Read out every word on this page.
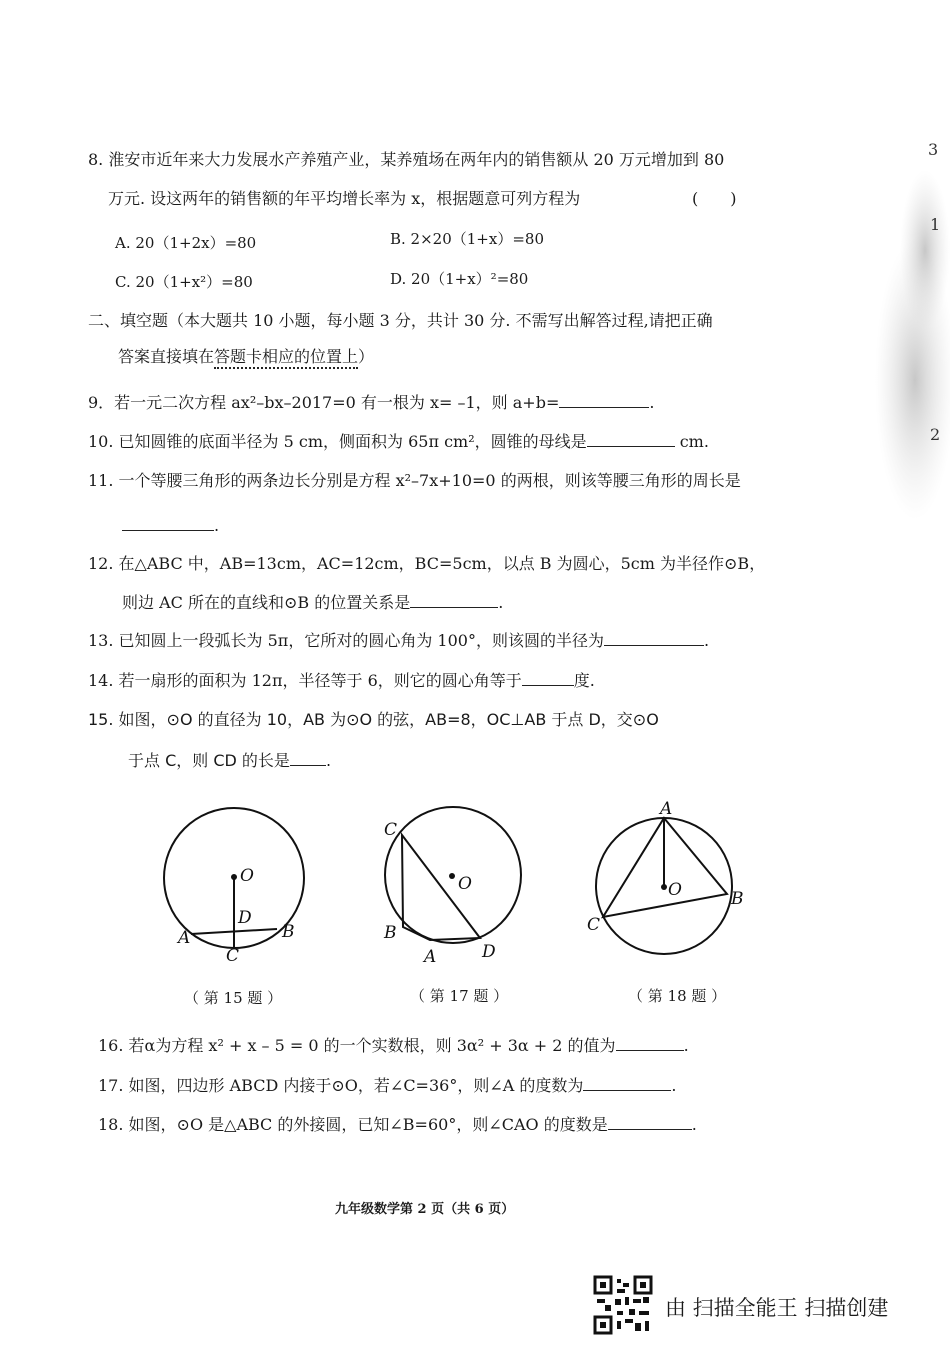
3
1
2
8. 淮安市近年来大力发展水产养殖产业，某养殖场在两年内的销售额从 20 万元增加到 80
万元. 设这两年的销售额的年平均增长率为 x，根据题意可列方程为	(　　)
A. 20（1+2x）=80	B. 2×20（1+x）=80
C. 20（1+x²）=80	D. 20（1+x）²=80
二、填空题（本大题共 10 小题，每小题 3 分，共计 30 分. 不需写出解答过程,请把正确
答案直接填在答题卡相应的位置上）
9．若一元二次方程 ax²–bx–2017=0 有一根为 x= –1，则 a+b=	.
10. 已知圆锥的底面半径为 5 cm，侧面积为 65π cm²，圆锥的母线是	cm.
11. 一个等腰三角形的两条边长分别是方程 x²–7x+10=0 的两根，则该等腰三角形的周长是
.
12. 在△ABC 中，AB=13cm，AC=12cm，BC=5cm，以点 B 为圆心，5cm 为半径作⊙B，
则边 AC 所在的直线和⊙B 的位置关系是	.
13. 已知圆上一段弧长为 5π，它所对的圆心角为 100°，则该圆的半径为	.
14. 若一扇形的面积为 12π，半径等于 6，则它的圆心角等于	度.
15. 如图，⊙O 的直径为 10，AB 为⊙O 的弦，AB=8，OC⊥AB 于点 D，交⊙O
于点 C，则 CD 的长是 .
O
D
A	B
C
C
O
B
A	D
A
O	B
C
（ 第 15 题 ）	（ 第 17 题 ）	（ 第 18 题 ）
16. 若α为方程 x² + x – 5 = 0 的一个实数根，则 3α² + 3α + 2 的值为	.
17. 如图，四边形 ABCD 内接于⊙O，若∠C=36°，则∠A 的度数为	.
18. 如图，⊙O 是△ABC 的外接圆，已知∠B=60°，则∠CAO 的度数是	.
九年级数学第 2 页（共 6 页）
由 扫描全能王 扫描创建
